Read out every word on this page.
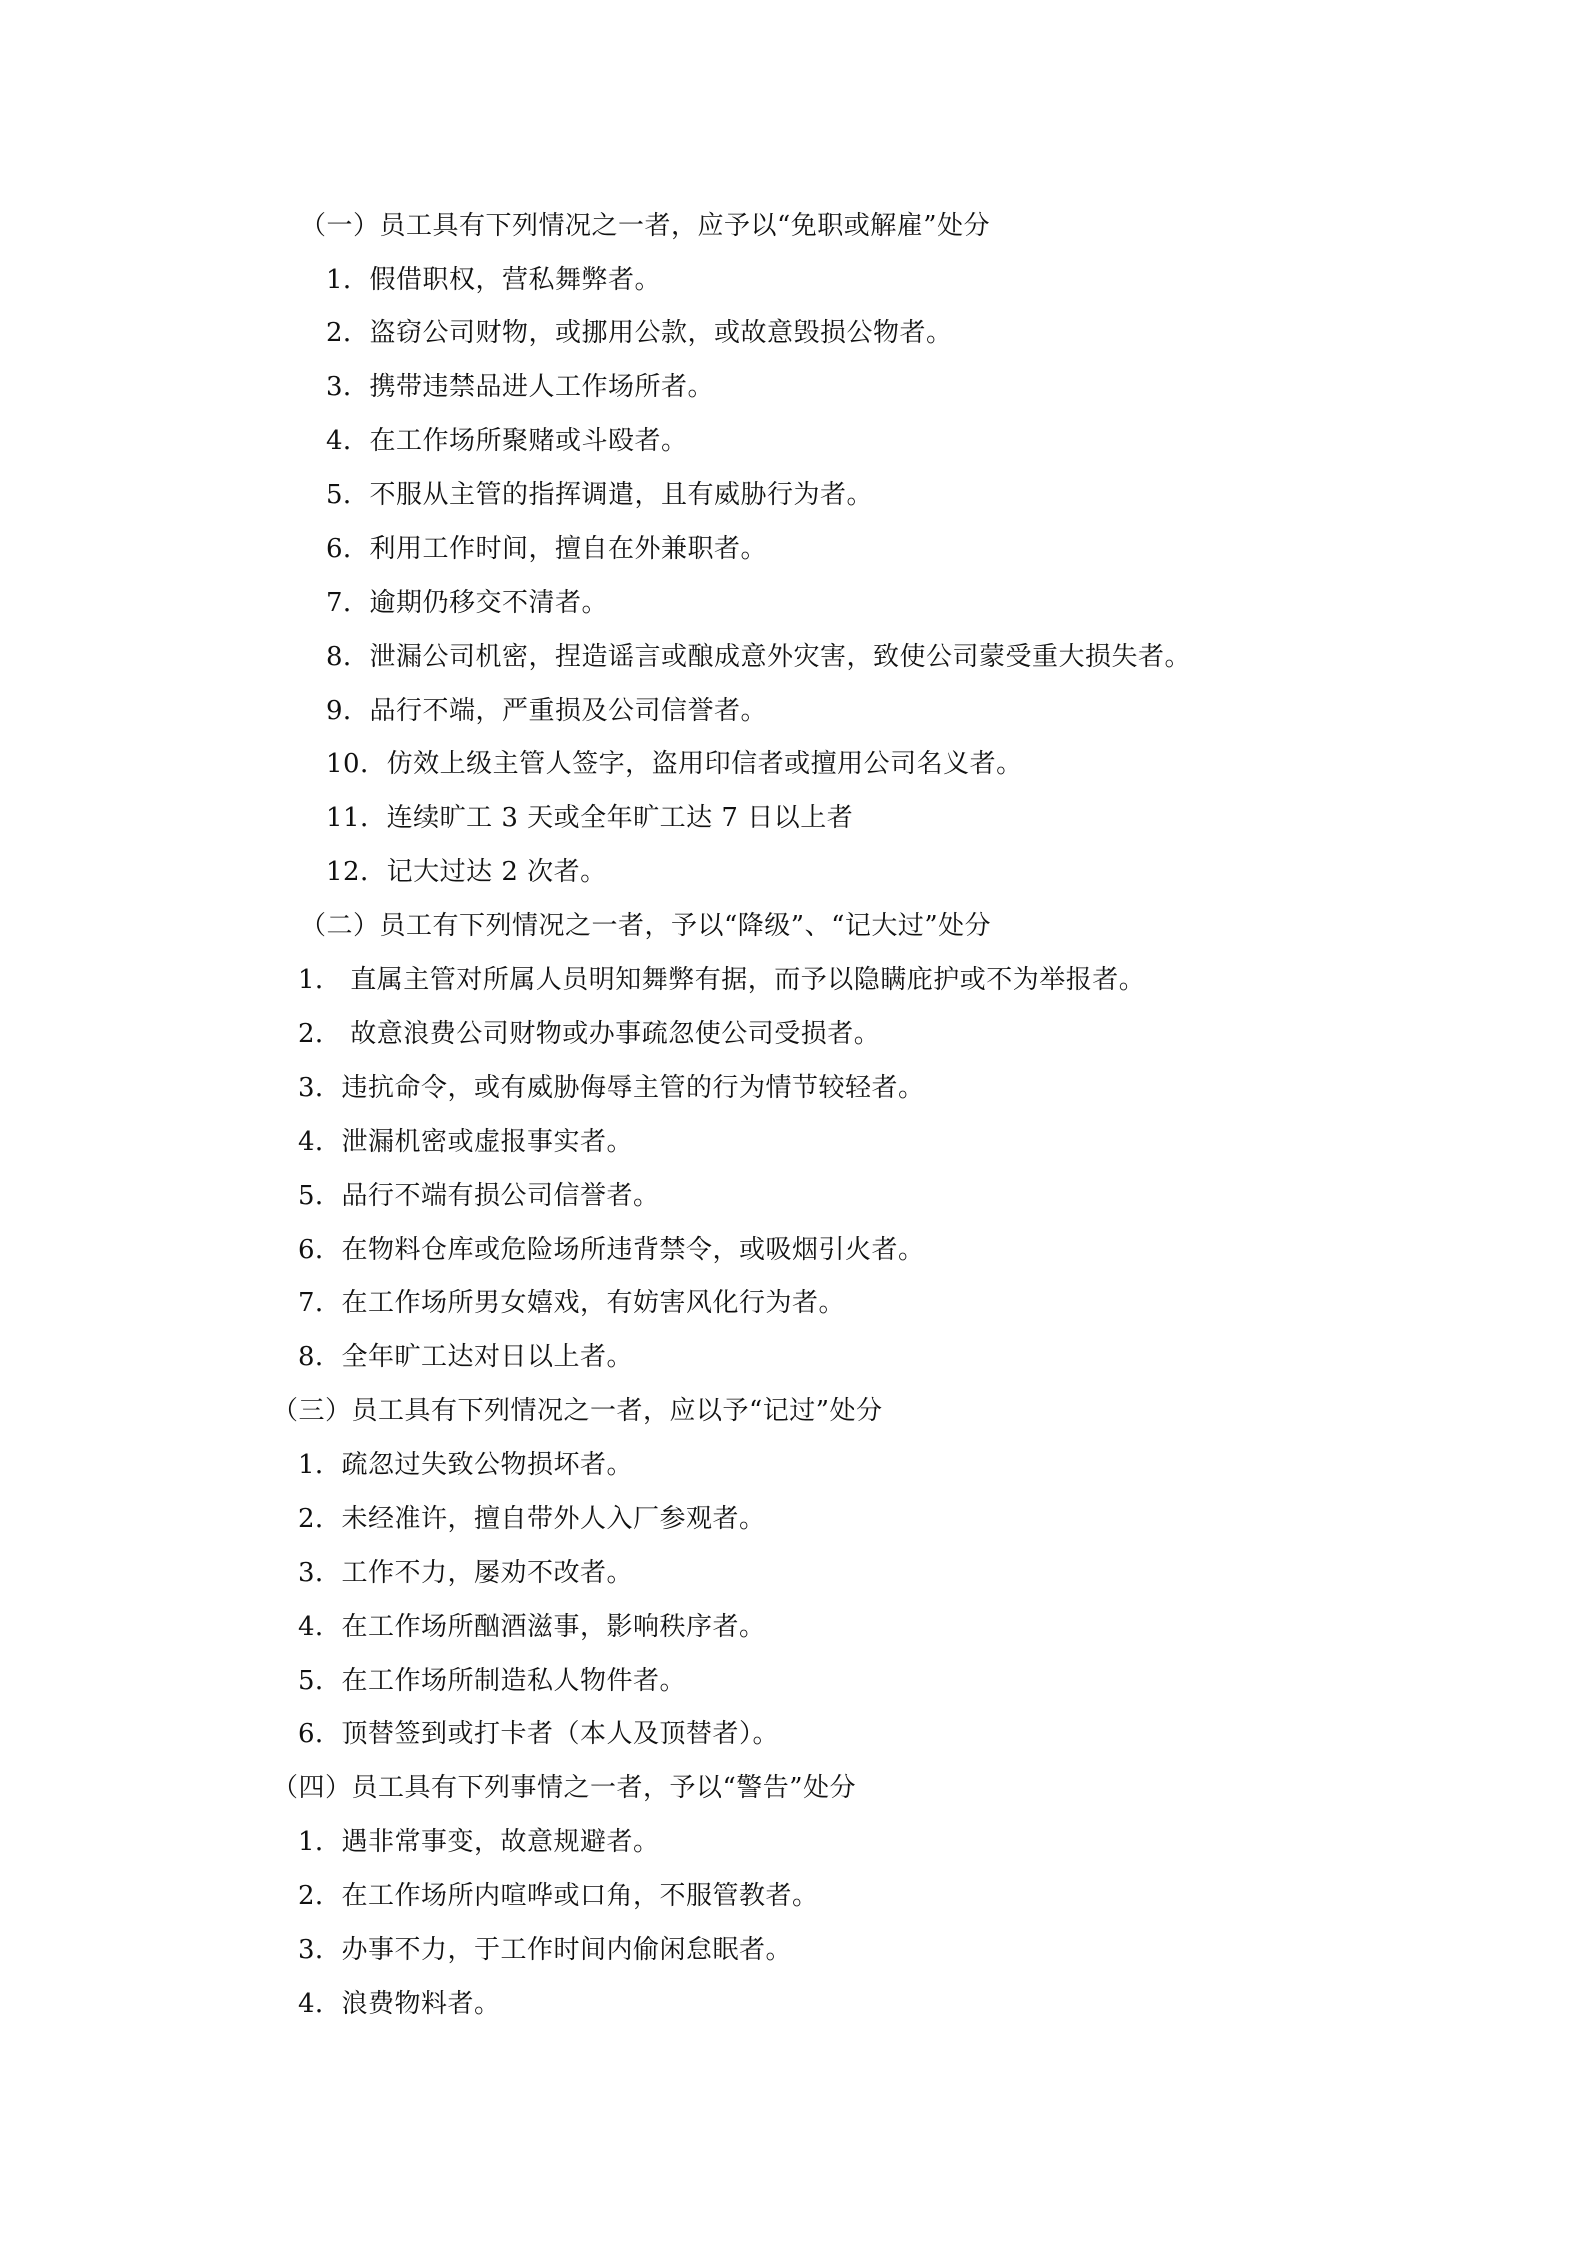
（一）员工具有下列情况之一者，应予以“免职或解雇”处分
1．假借职权，营私舞弊者。
2．盗窃公司财物，或挪用公款，或故意毁损公物者。
3．携带违禁品进人工作场所者。
4．在工作场所聚赌或斗殴者。
5．不服从主管的指挥调遣，且有威胁行为者。
6．利用工作时间，擅自在外兼职者。
7．逾期仍移交不清者。
8．泄漏公司机密，捏造谣言或酿成意外灾害，致使公司蒙受重大损失者。
9．品行不端，严重损及公司信誉者。
10．仿效上级主管人签字，盗用印信者或擅用公司名义者。
11．连续旷工 3 天或全年旷工达 7 日以上者
12．记大过达 2 次者。
（二）员工有下列情况之一者，予以“降级”、“记大过”处分
1． 直属主管对所属人员明知舞弊有据，而予以隐瞒庇护或不为举报者。
2． 故意浪费公司财物或办事疏忽使公司受损者。
3．违抗命令，或有威胁侮辱主管的行为情节较轻者。
4．泄漏机密或虚报事实者。
5．品行不端有损公司信誉者。
6．在物料仓库或危险场所违背禁令，或吸烟引火者。
7．在工作场所男女嬉戏，有妨害风化行为者。
8．全年旷工达对日以上者。
（三）员工具有下列情况之一者，应以予“记过”处分
1．疏忽过失致公物损坏者。
2．未经准许，擅自带外人入厂参观者。
3．工作不力，屡劝不改者。
4．在工作场所酗酒滋事，影响秩序者。
5．在工作场所制造私人物件者。
6．顶替签到或打卡者（本人及顶替者）。
（四）员工具有下列事情之一者，予以“警告”处分
1．遇非常事变，故意规避者。
2．在工作场所内喧哗或口角，不服管教者。
3．办事不力，于工作时间内偷闲怠眠者。
4．浪费物料者。
